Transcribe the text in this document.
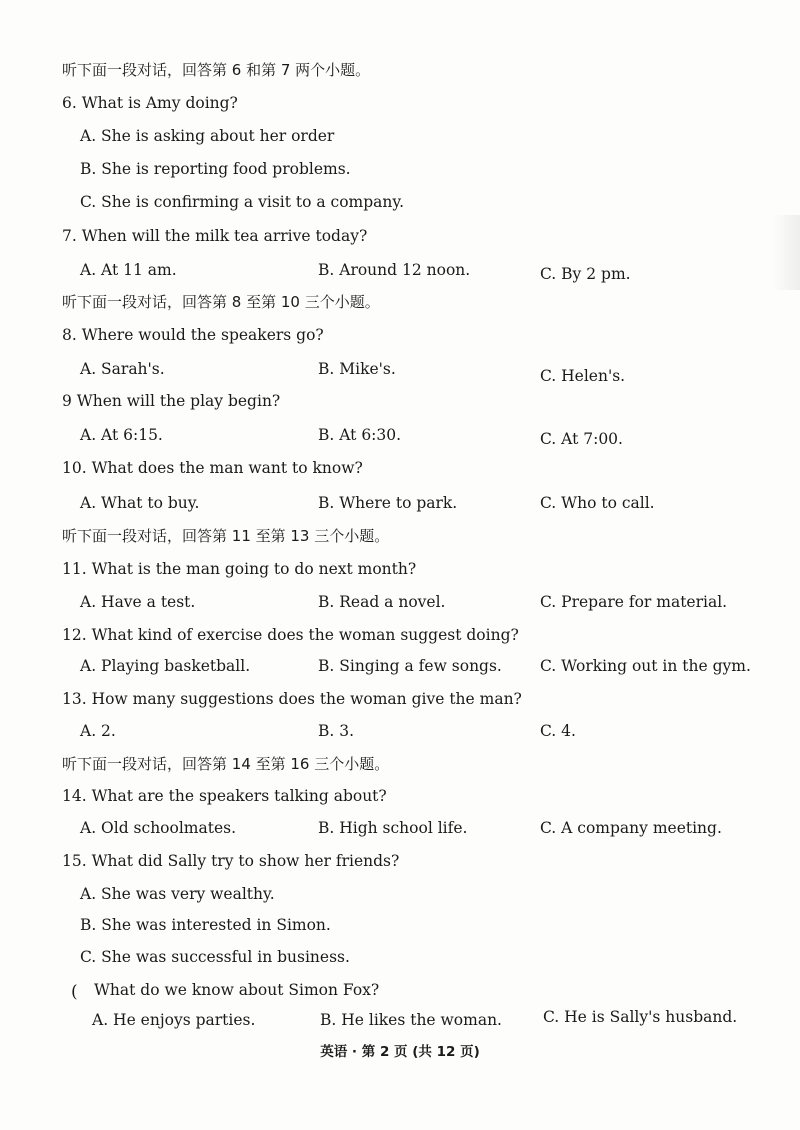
听下面一段对话，回答第 6 和第 7 两个小题。
6. What is Amy doing?
A. She is asking about her order
B. She is reporting food problems.
C. She is confirming a visit to a company.
7. When will the milk tea arrive today?
A. At 11 am.	B. Around 12 noon.	C. By 2 pm.
听下面一段对话，回答第 8 至第 10 三个小题。
8. Where would the speakers go?
A. Sarah's.	B. Mike's.	C. Helen's.
9 When will the play begin?
A. At 6:15.	B. At 6:30.	C. At 7:00.
10. What does the man want to know?
A. What to buy.	B. Where to park.	C. Who to call.
听下面一段对话，回答第 11 至第 13 三个小题。
11. What is the man going to do next month?
A. Have a test.	B. Read a novel.	C. Prepare for material.
12. What kind of exercise does the woman suggest doing?
A. Playing basketball.	B. Singing a few songs. C. Working out in the gym.
13. How many suggestions does the woman give the man?
A. 2.	B. 3.	C. 4.
听下面一段对话，回答第 14 至第 16 三个小题。
14. What are the speakers talking about?
A. Old schoolmates.	B. High school life.	C. A company meeting.
15. What did Sally try to show her friends?
A. She was very wealthy.
B. She was interested in Simon.
C. She was successful in business.
( What do we know about Simon Fox?
A. He enjoys parties.	B. He likes the woman.	C. He is Sally's husband.
英语 · 第 2 页 (共 12 页)
